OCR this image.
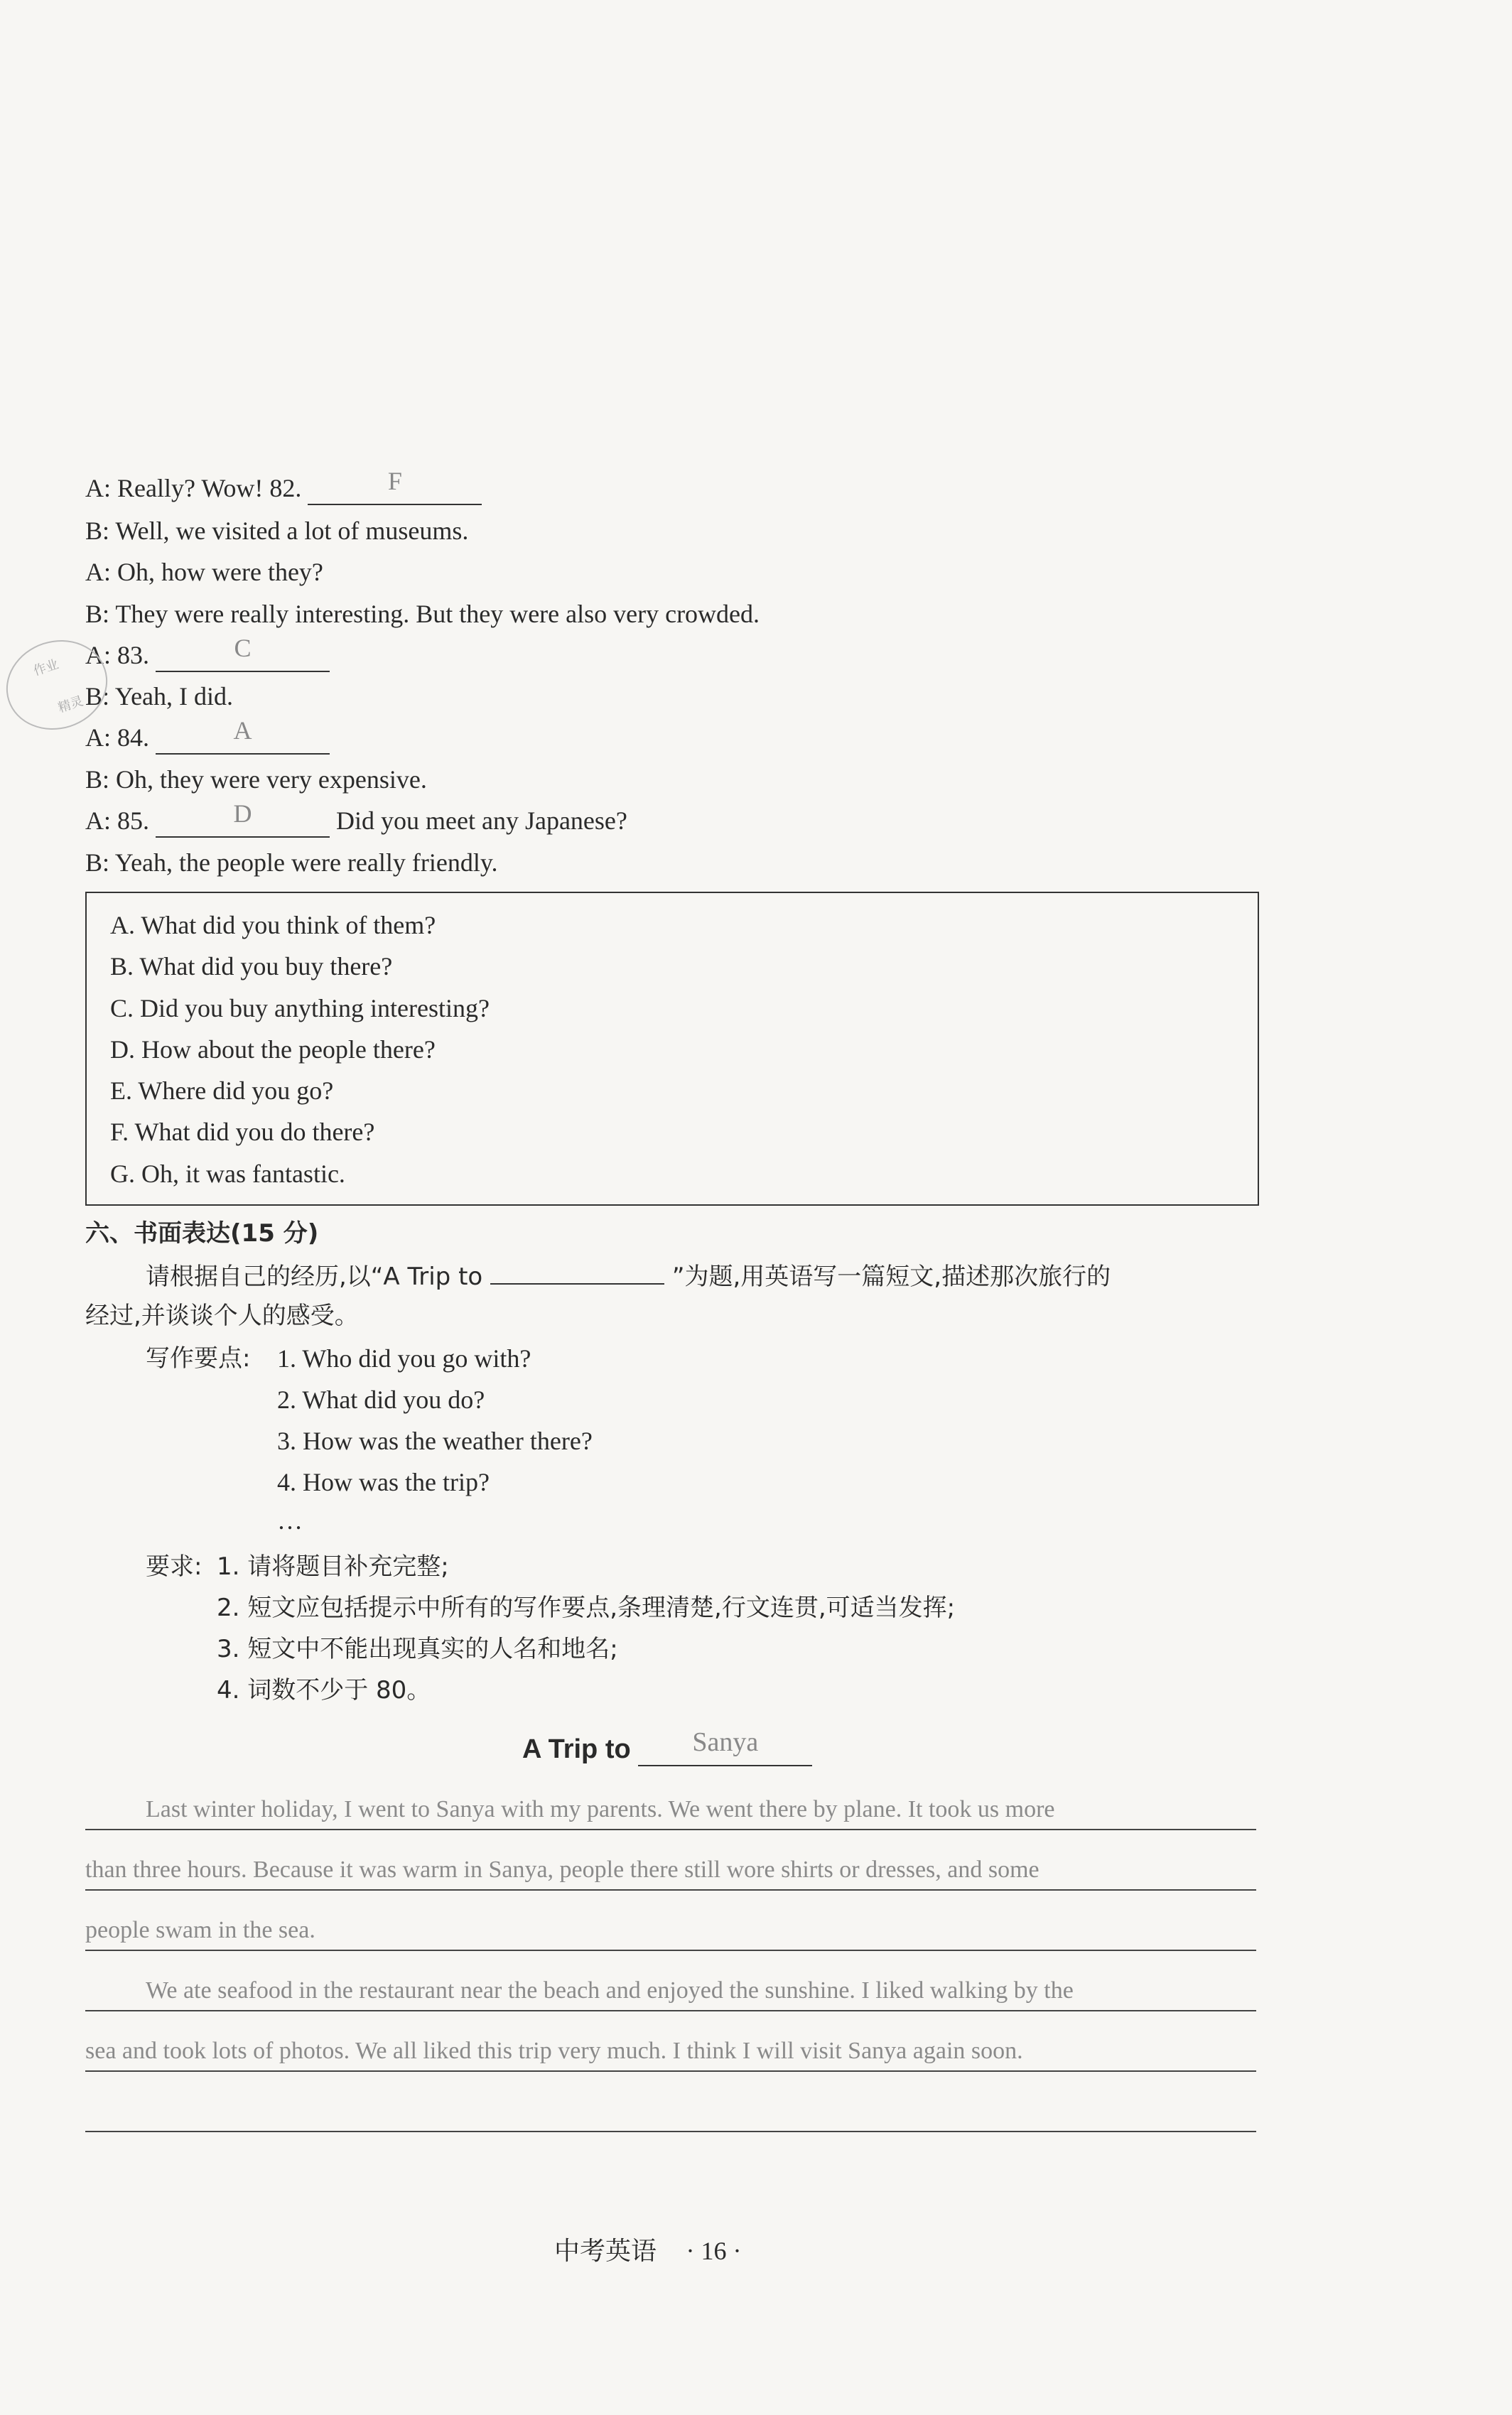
A: Really? Wow! 82.	F
B: Well, we visited a lot of museums.
A: Oh, how were they?
B: They were really interesting. But they were also very crowded.
A: 83.	C
B: Yeah, I did.
A: 84.	A
B: Oh, they were very expensive.
A: 85.	D	Did you meet any Japanese?
B: Yeah, the people were really friendly.
作业
精灵
A. What did you think of them?
B. What did you buy there?
C. Did you buy anything interesting?
D. How about the people there?
E. Where did you go?
F. What did you do there?
G. Oh, it was fantastic.
六、书面表达(15 分)
请根据自己的经历,以“A Trip to	”为题,用英语写一篇短文,描述那次旅行的
经过,并谈谈个人的感受。
写作要点: 1. Who did you go with?
2. What did you do?
3. How was the weather there?
4. How was the trip?
…
要求: 1. 请将题目补充完整;
2. 短文应包括提示中所有的写作要点,条理清楚,行文连贯,可适当发挥;
3. 短文中不能出现真实的人名和地名;
4. 词数不少于 80。
A Trip to Sanya
Last winter holiday, I went to Sanya with my parents. We went there by plane. It took us more
than three hours. Because it was warm in Sanya, people there still wore shirts or dresses, and some
people swam in the sea.
We ate seafood in the restaurant near the beach and enjoyed the sunshine. I liked walking by the
sea and took lots of photos. We all liked this trip very much. I think I will visit Sanya again soon.
中考英语 · 16 ·
